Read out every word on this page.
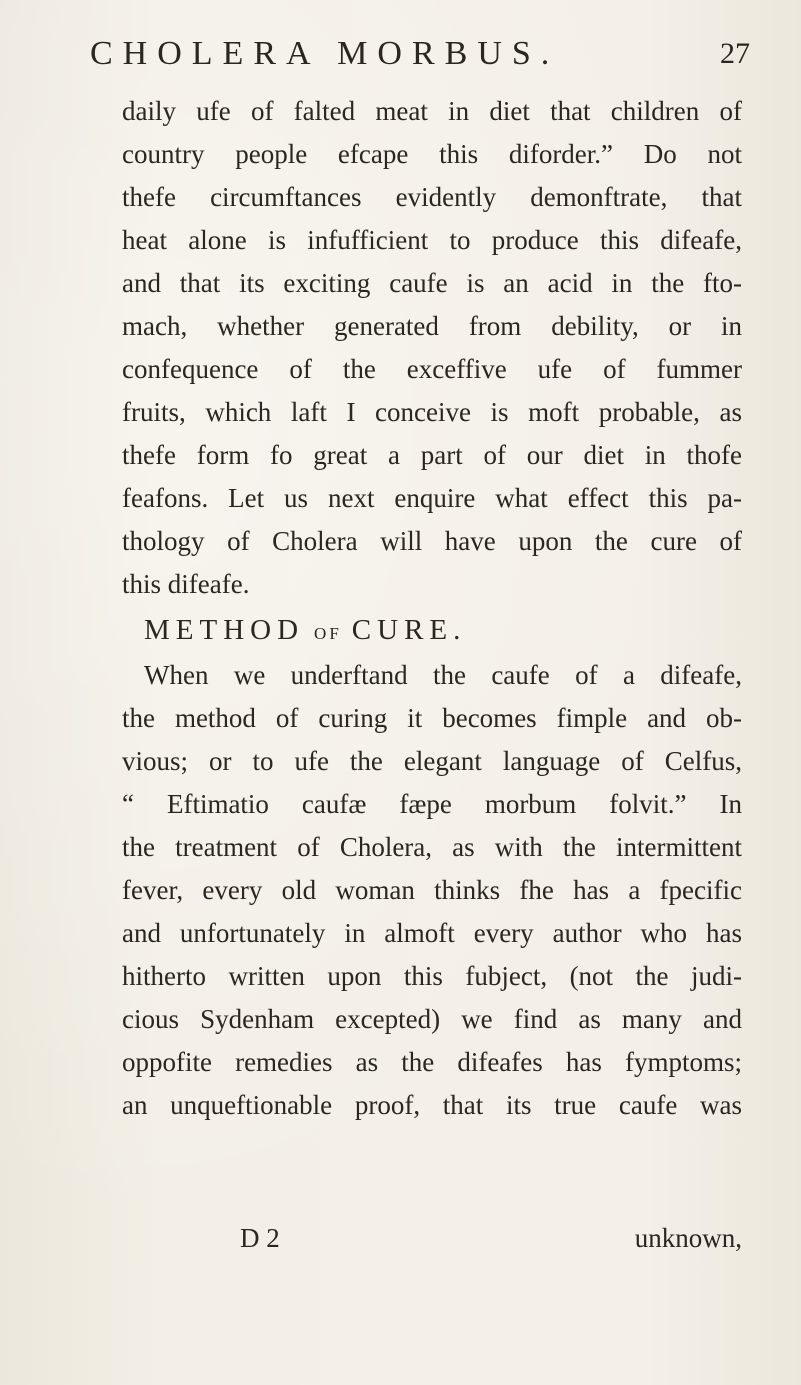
CHOLERA MORBUS.	27
daily ufe of falted meat in diet that children of
country people efcape this diforder.” Do not
thefe circumftances evidently demonftrate, that
heat alone is infufficient to produce this difeafe,
and that its exciting caufe is an acid in the fto-
mach, whether generated from debility, or in
confequence of the exceffive ufe of fummer
fruits, which laft I conceive is moft probable, as
thefe form fo great a part of our diet in thofe
feafons. Let us next enquire what effect this pa-
thology of Cholera will have upon the cure of
this difeafe.
METHOD OF CURE.
When we underftand the caufe of a difeafe,
the method of curing it becomes fimple and ob-
vious; or to ufe the elegant language of Celfus,
“ Eftimatio caufæ fæpe morbum folvit.” In
the treatment of Cholera, as with the intermittent
fever, every old woman thinks fhe has a fpecific
and unfortunately in almoft every author who has
hitherto written upon this fubject, (not the judi-
cious Sydenham excepted) we find as many and
oppofite remedies as the difeafes has fymptoms;
an unqueftionable proof, that its true caufe was
D 2	unknown,
